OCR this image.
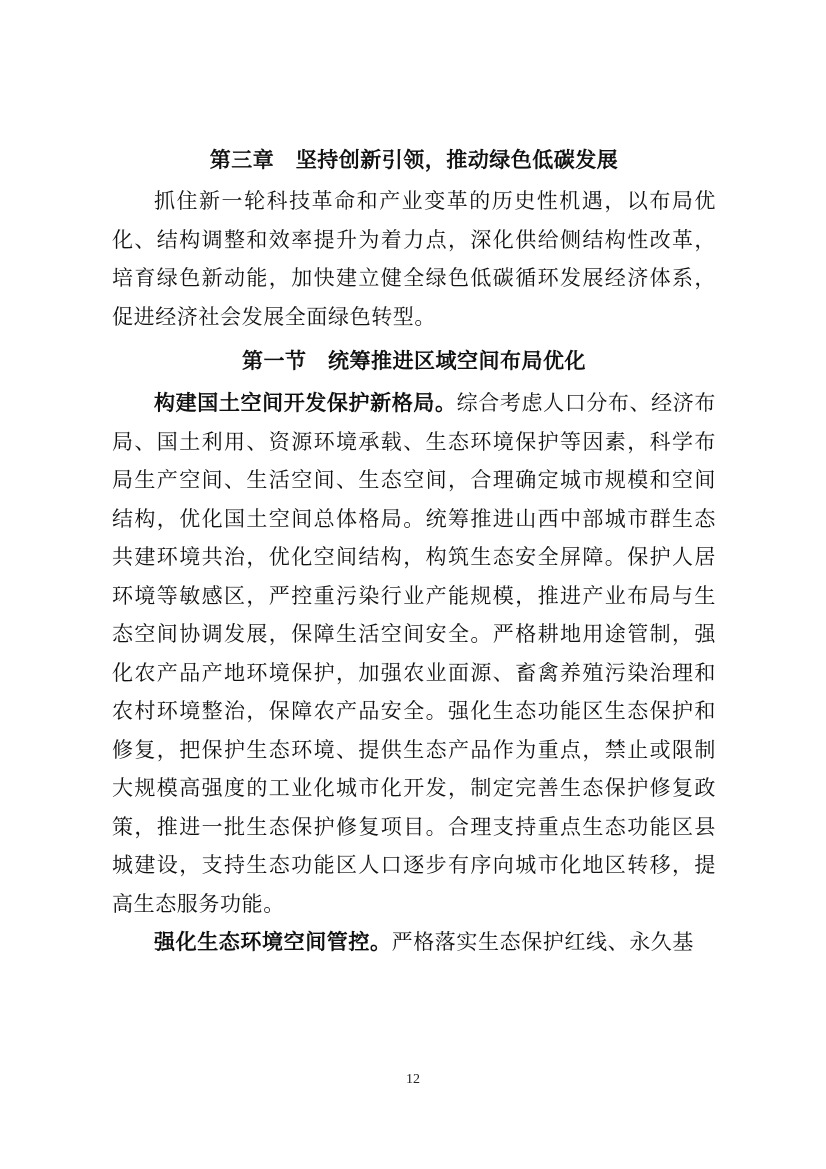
第三章　坚持创新引领，推动绿色低碳发展

抓住新一轮科技革命和产业变革的历史性机遇，以布局优化、结构调整和效率提升为着力点，深化供给侧结构性改革，培育绿色新动能，加快建立健全绿色低碳循环发展经济体系，促进经济社会发展全面绿色转型。

第一节　统筹推进区域空间布局优化

构建国土空间开发保护新格局。综合考虑人口分布、经济布局、国土利用、资源环境承载、生态环境保护等因素，科学布局生产空间、生活空间、生态空间，合理确定城市规模和空间结构，优化国土空间总体格局。统筹推进山西中部城市群生态共建环境共治，优化空间结构，构筑生态安全屏障。保护人居环境等敏感区，严控重污染行业产能规模，推进产业布局与生态空间协调发展，保障生活空间安全。严格耕地用途管制，强化农产品产地环境保护，加强农业面源、畜禽养殖污染治理和农村环境整治，保障农产品安全。强化生态功能区生态保护和修复，把保护生态环境、提供生态产品作为重点，禁止或限制大规模高强度的工业化城市化开发，制定完善生态保护修复政策，推进一批生态保护修复项目。合理支持重点生态功能区县城建设，支持生态功能区人口逐步有序向城市化地区转移，提高生态服务功能。

强化生态环境空间管控。严格落实生态保护红线、永久基

12
